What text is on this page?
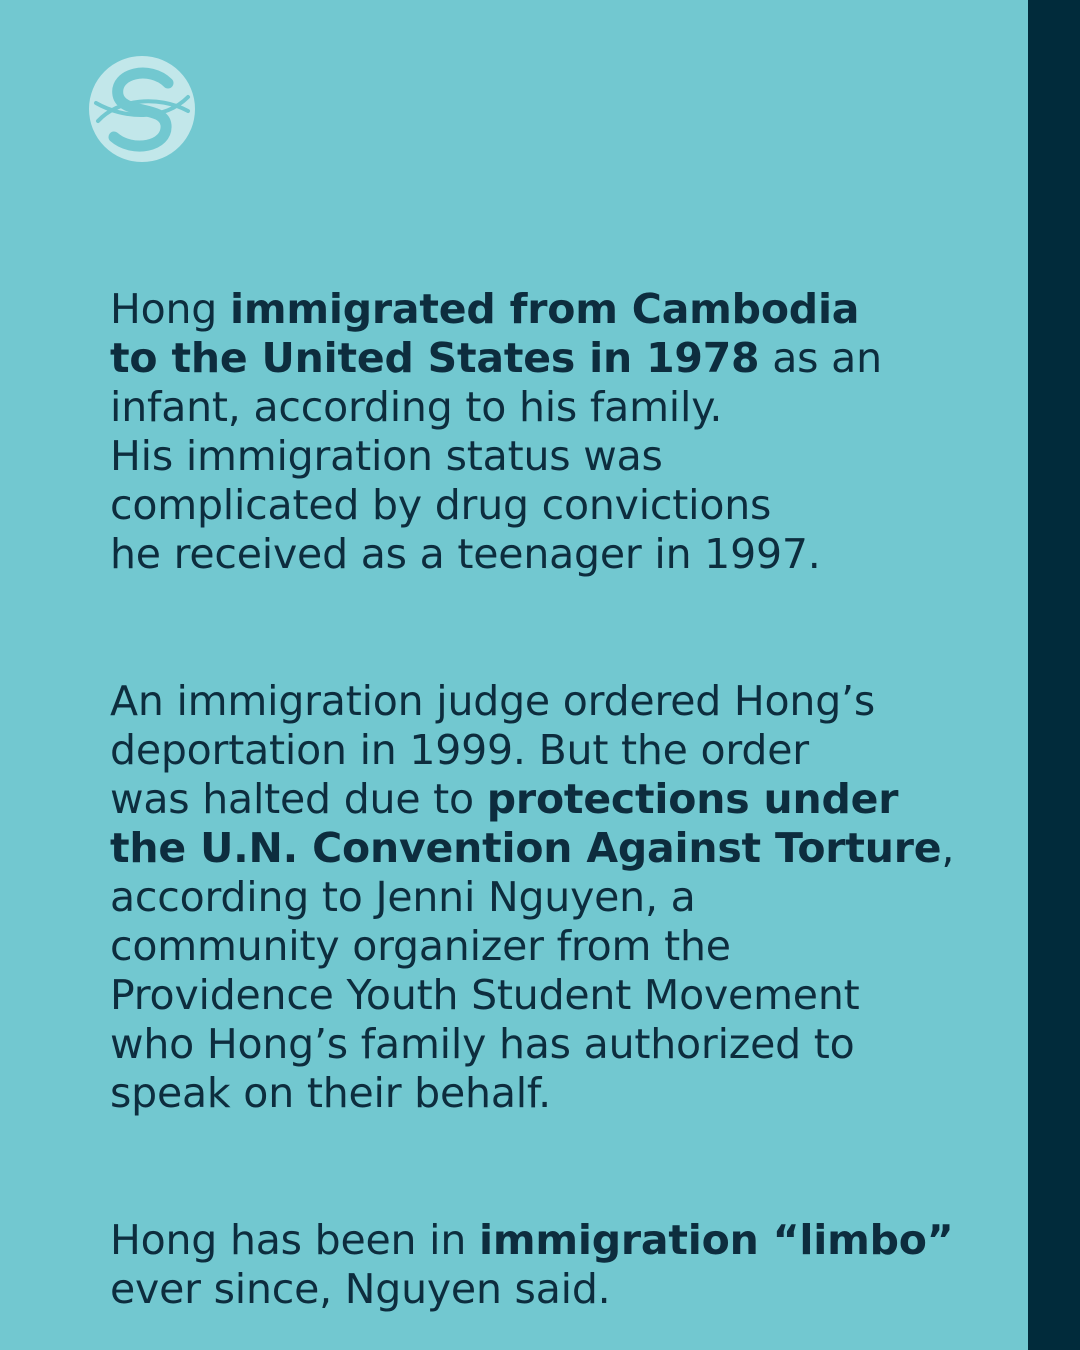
Hong immigrated from Cambodia
to the United States in 1978 as an
infant, according to his family.
His immigration status was
complicated by drug convictions
he received as a teenager in 1997.

An immigration judge ordered Hong’s
deportation in 1999. But the order
was halted due to protections under
the U.N. Convention Against Torture,
according to Jenni Nguyen, a
community organizer from the
Providence Youth Student Movement
who Hong’s family has authorized to
speak on their behalf.

Hong has been in immigration “limbo”
ever since, Nguyen said.
